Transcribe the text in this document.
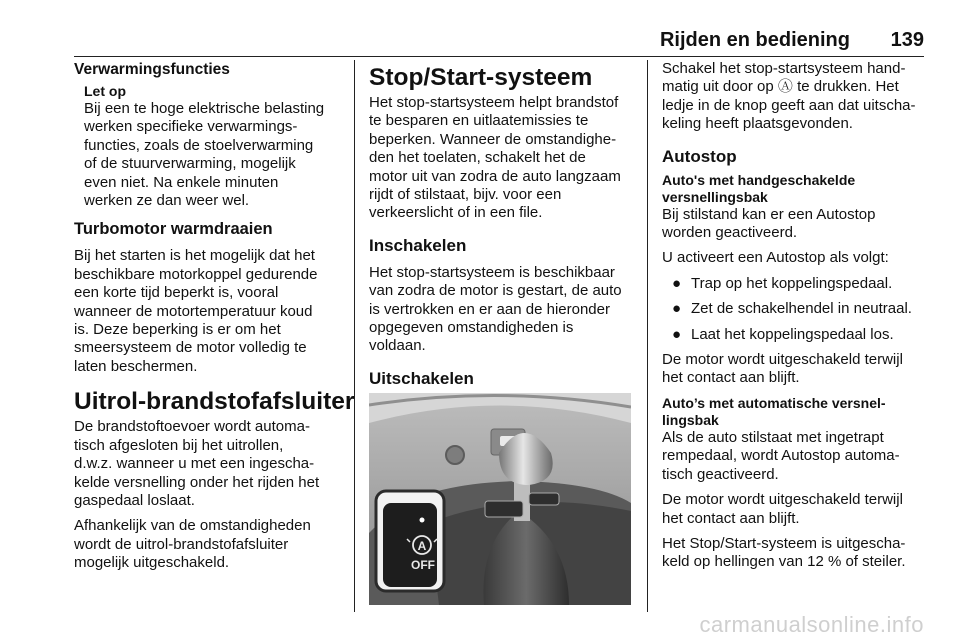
Rijden en bediening 139
Verwarmingsfuncties
Let op
Bij een te hoge elektrische belasting
werken specifieke verwarmings-
functies, zoals de stoelverwarming
of de stuurverwarming, mogelijk
even niet. Na enkele minuten
werken ze dan weer wel.
Turbomotor warmdraaien
Bij het starten is het mogelijk dat het
beschikbare motorkoppel gedurende
een korte tijd beperkt is, vooral
wanneer de motortemperatuur koud
is. Deze beperking is er om het
smeersysteem de motor volledig te
laten beschermen.
Uitrol-brandstofafsluiter
De brandstoftoevoer wordt automa-
tisch afgesloten bij het uitrollen,
d.w.z. wanneer u met een ingescha-
kelde versnelling onder het rijden het
gaspedaal loslaat.
Afhankelijk van de omstandigheden
wordt de uitrol-brandstofafsluiter
mogelijk uitgeschakeld.
Stop/Start-systeem
Het stop-startsysteem helpt brandstof
te besparen en uitlaatemissies te
beperken. Wanneer de omstandighe-
den het toelaten, schakelt het de
motor uit van zodra de auto langzaam
rijdt of stilstaat, bijv. voor een
verkeerslicht of in een file.
Inschakelen
Het stop-startsysteem is beschikbaar
van zodra de motor is gestart, de auto
is vertrokken en er aan de hieronder
opgegeven omstandigheden is
voldaan.
Uitschakelen
A
OFF
Schakel het stop-startsysteem hand-
matig uit door op Ⓐ te drukken. Het
ledje in de knop geeft aan dat uitscha-
keling heeft plaatsgevonden.
Autostop
Auto's met handgeschakelde
versnellingsbak
Bij stilstand kan er een Autostop
worden geactiveerd.
U activeert een Autostop als volgt:
● Trap op het koppelingspedaal.
● Zet de schakelhendel in neutraal.
● Laat het koppelingspedaal los.
De motor wordt uitgeschakeld terwijl
het contact aan blijft.
Auto’s met automatische versnel-
lingsbak
Als de auto stilstaat met ingetrapt
rempedaal, wordt Autostop automa-
tisch geactiveerd.
De motor wordt uitgeschakeld terwijl
het contact aan blijft.
Het Stop/Start-systeem is uitgescha-
keld op hellingen van 12 % of steiler.
carmanualsonline.info
